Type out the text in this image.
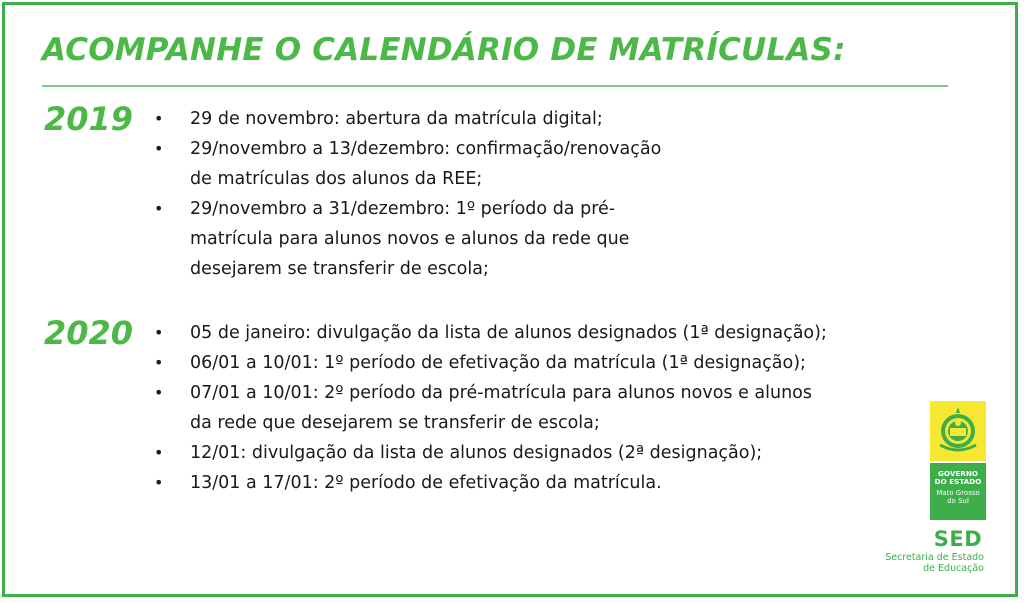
ACOMPANHE O CALENDÁRIO DE MATRÍCULAS:
2019 • 29 de novembro: abertura da matrícula digital;
• 29/novembro a 13/dezembro: confirmação/renovação
de matrículas dos alunos da REE;
• 29/novembro a 31/dezembro: 1º período da pré-
matrícula para alunos novos e alunos da rede que
desejarem se transferir de escola;
2020 • 05 de janeiro: divulgação da lista de alunos designados (1ª designação);
• 06/01 a 10/01: 1º período de efetivação da matrícula (1ª designação);
• 07/01 a 10/01: 2º período da pré-matrícula para alunos novos e alunos
da rede que desejarem se transferir de escola;
• 12/01: divulgação da lista de alunos designados (2ª designação);
• 13/01 a 17/01: 2º período de efetivação da matrícula.	GOVERNO
DO ESTADO
Mato Grosso
do Sul
SED
Secretaria de Estado
de Educação
